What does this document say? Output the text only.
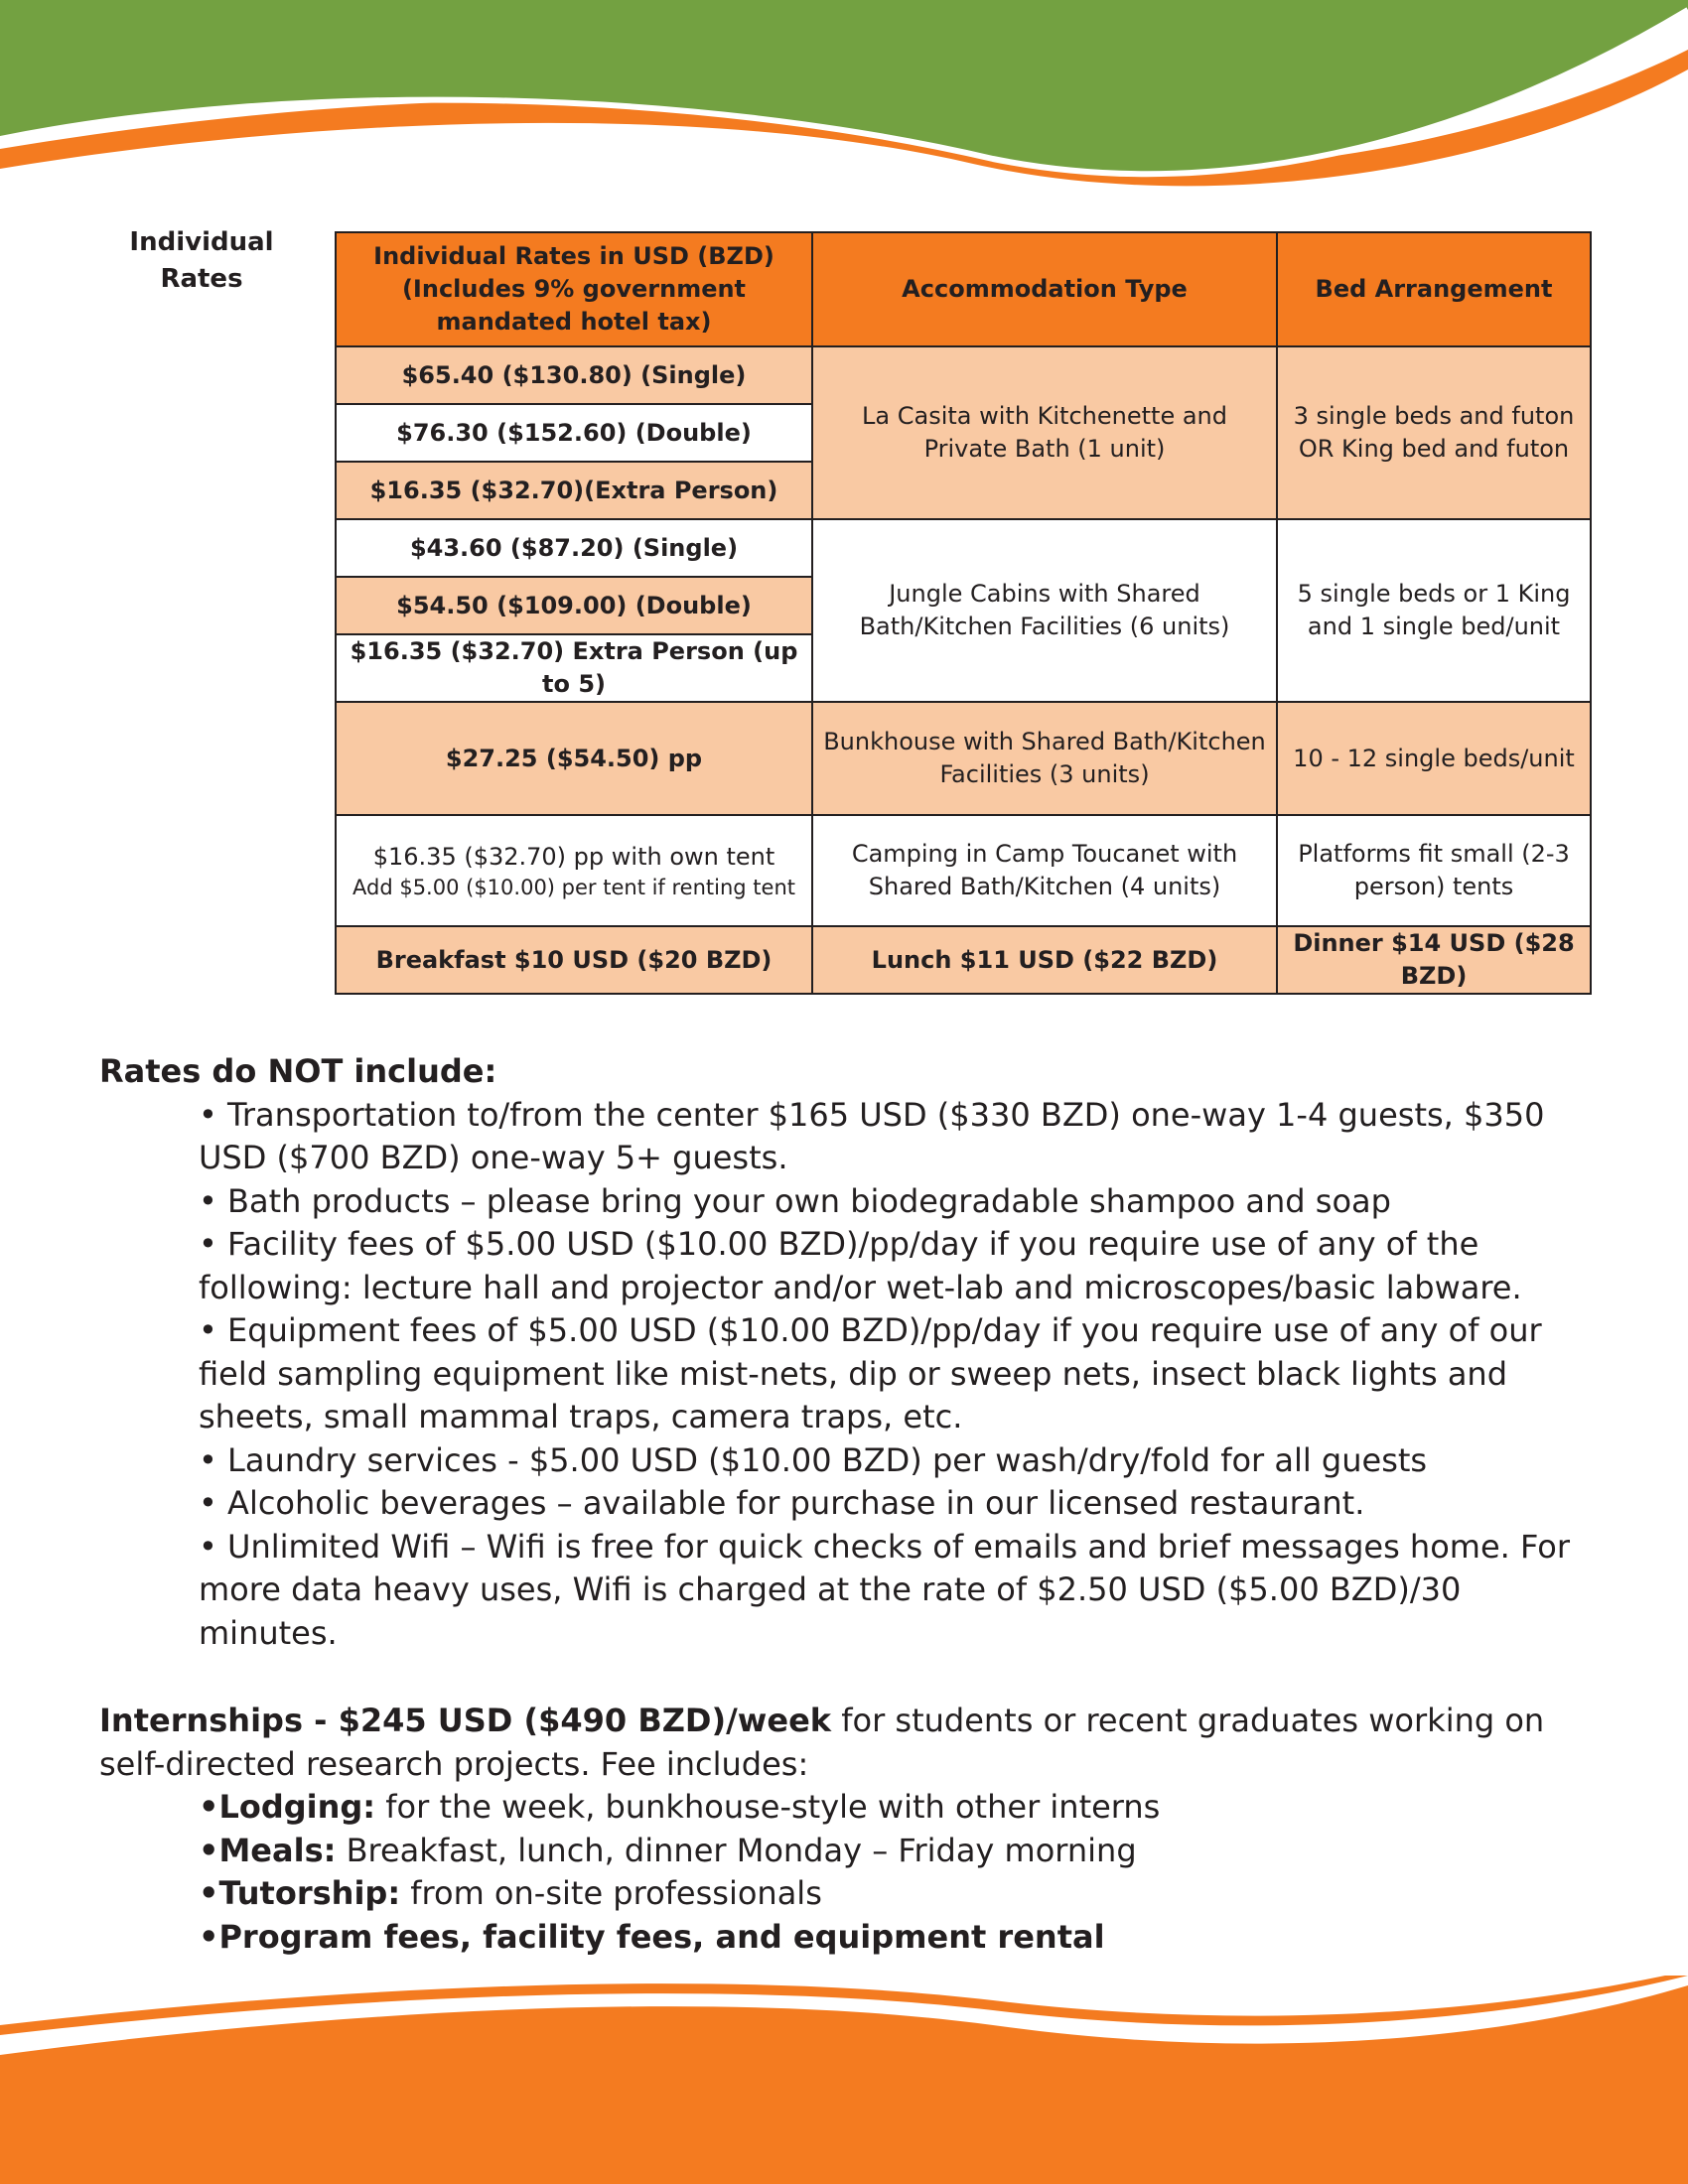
Individual Rates
Individual Rates in USD (BZD) (Includes 9% government mandated hotel tax)	Accommodation Type	Bed Arrangement
$65.40 ($130.80) (Single)	La Casita with Kitchenette and Private Bath (1 unit)	3 single beds and futon OR King bed and futon
$76.30 ($152.60) (Double)		
$16.35 ($32.70)(Extra Person)		
$43.60 ($87.20) (Single)	Jungle Cabins with Shared Bath/Kitchen Facilities (6 units)	5 single beds or 1 King and 1 single bed/unit
$54.50 ($109.00) (Double)		
$16.35 ($32.70) Extra Person (up to 5)		
$27.25 ($54.50) pp	Bunkhouse with Shared Bath/Kitchen Facilities (3 units)	10 - 12 single beds/unit

$16.35 ($32.70) pp with own tent
Add $5.00 ($10.00) per tent if renting tent	Camping in Camp Toucanet with Shared Bath/Kitchen (4 units)	Platforms fit small (2-3 person) tents
Breakfast $10 USD ($20 BZD)	Lunch $11 USD ($22 BZD)	Dinner $14 USD ($28 BZD)
Rates do NOT include:
• Transportation to/from the center $165 USD ($330 BZD) one-way 1-4 guests, $350 USD ($700 BZD) one-way 5+ guests.
• Bath products – please bring your own biodegradable shampoo and soap
• Facility fees of $5.00 USD ($10.00 BZD)/pp/day if you require use of any of the following: lecture hall and projector and/or wet-lab and microscopes/basic labware.
• Equipment fees of $5.00 USD ($10.00 BZD)/pp/day if you require use of any of our field sampling equipment like mist-nets, dip or sweep nets, insect black lights and sheets, small mammal traps, camera traps, etc.
• Laundry services - $5.00 USD ($10.00 BZD) per wash/dry/fold for all guests
• Alcoholic beverages – available for purchase in our licensed restaurant.
• Unlimited Wifi – Wifi is free for quick checks of emails and brief messages home. For more data heavy uses, Wifi is charged at the rate of $2.50 USD ($5.00 BZD)/30 minutes.
Internships - $245 USD ($490 BZD)/week for students or recent graduates working on self-directed research projects. Fee includes:
•Lodging: for the week, bunkhouse-style with other interns
•Meals: Breakfast, lunch, dinner Monday – Friday morning
•Tutorship: from on-site professionals
•Program fees, facility fees, and equipment rental
